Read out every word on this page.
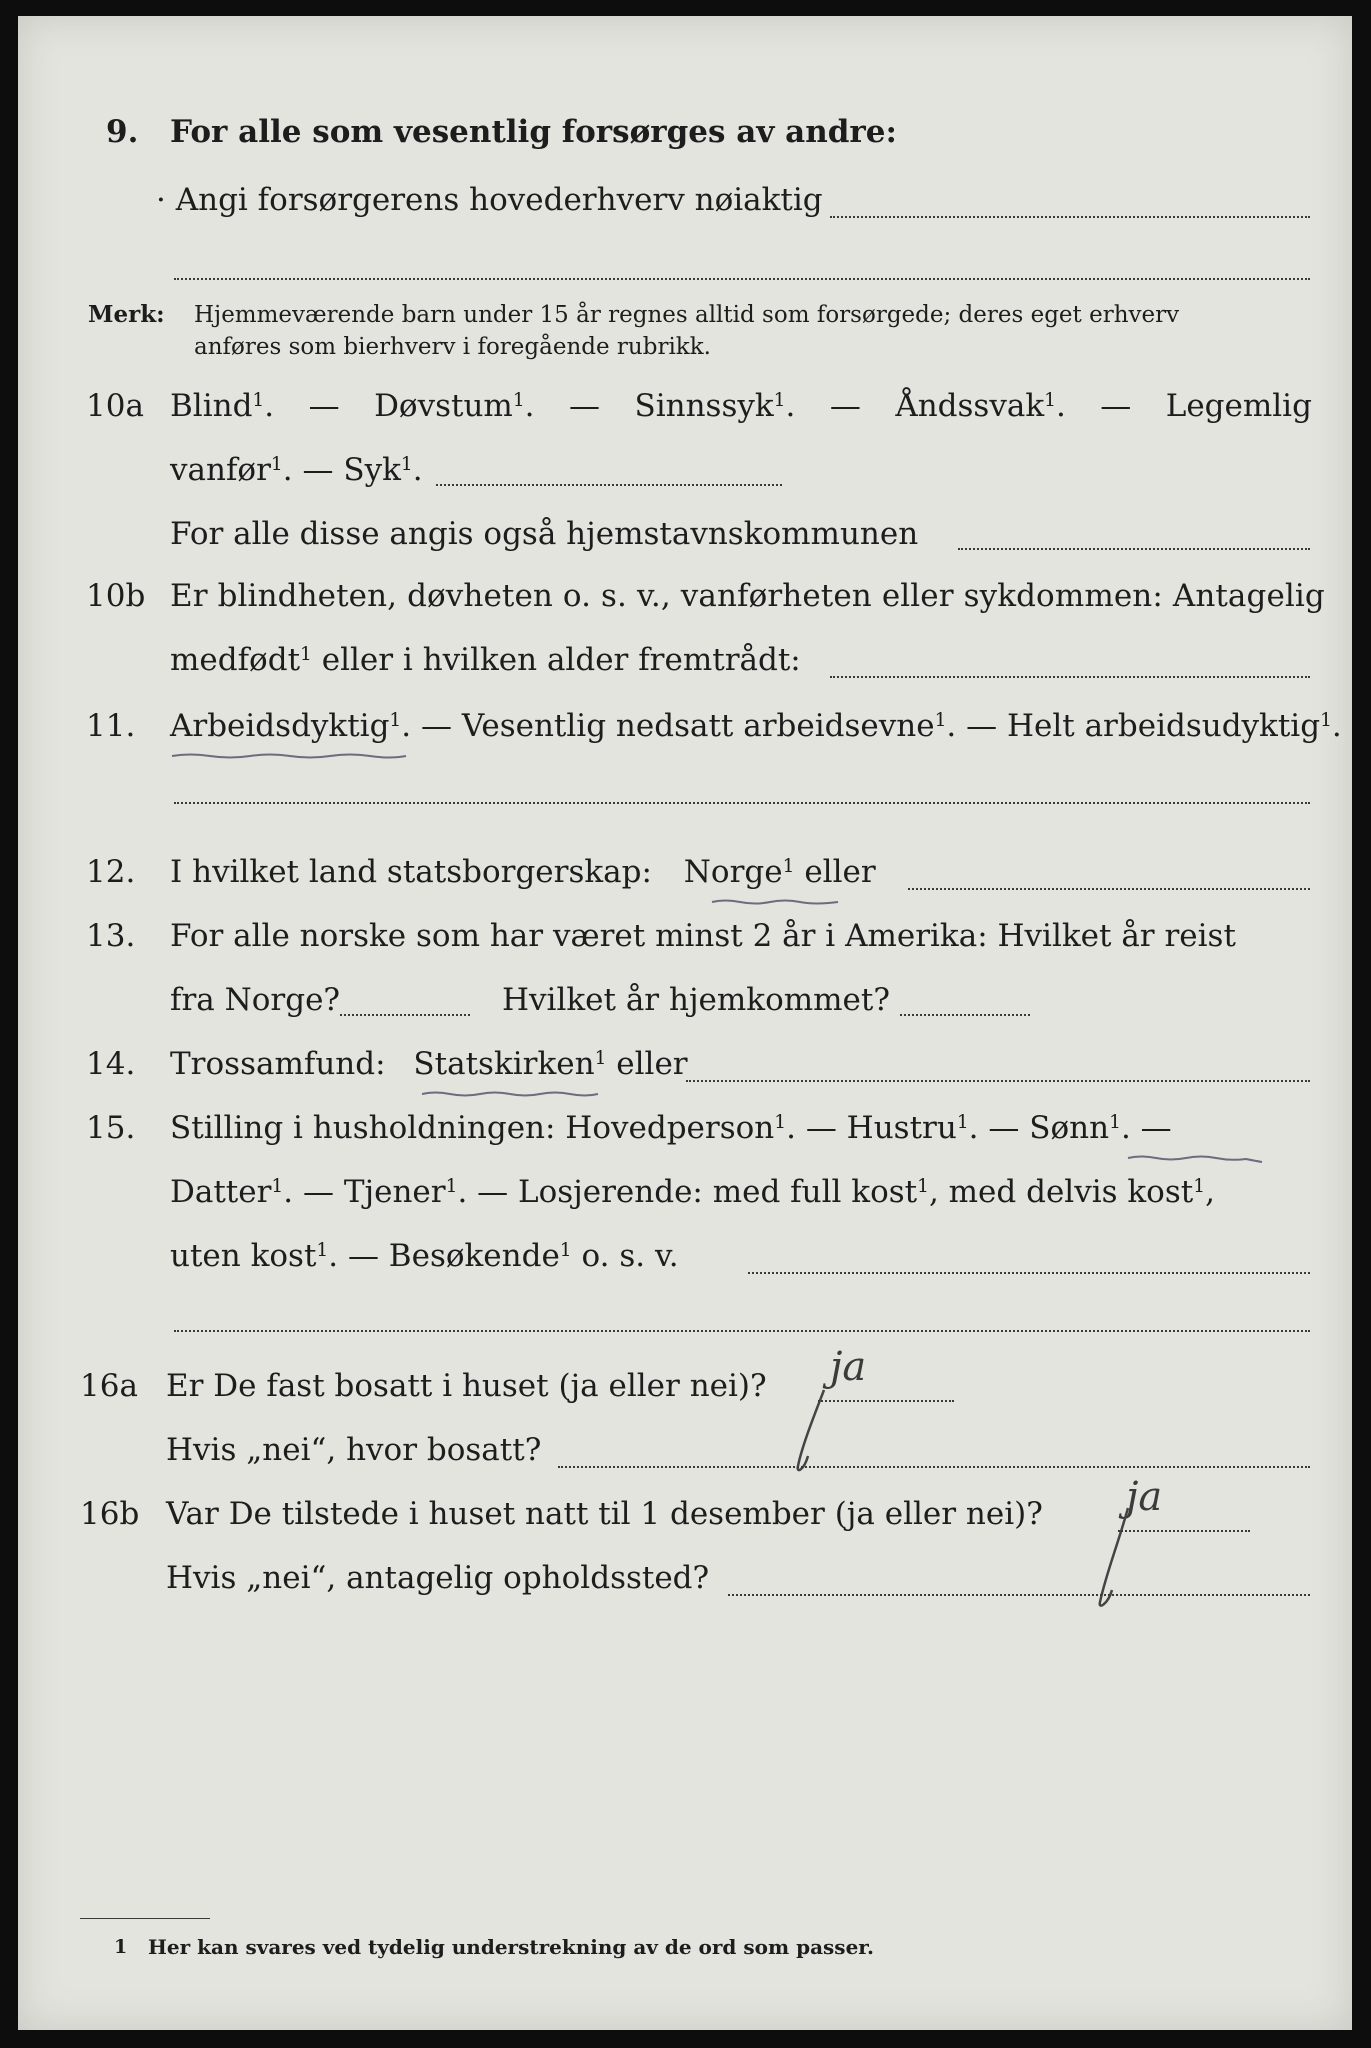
9. For alle som vesentlig forsørges av andre:
· Angi forsørgerens hovederhverv nøiaktig
Merk: Hjemmeværende barn under 15 år regnes alltid som forsørgede; deres eget erhverv
anføres som bierhverv i foregående rubrikk.
10a Blind$^1$. — Døvstum$^1$. — Sinnssyk$^1$. — Åndssvak$^1$. — Legemlig
vanfør$^1$. — Syk$^1$.
For alle disse angis også hjemstavnskommunen
10b Er blindheten, døvheten o. s. v., vanførheten eller sykdommen: Antagelig
medfødt$^1$ eller i hvilken alder fremtrådt:
11. Arbeidsdyktig$^1$. — Vesentlig nedsatt arbeidsevne$^1$. — Helt arbeidsudyktig$^1$.
12. I hvilket land statsborgerskap: Norge$^1$ eller
13. For alle norske som har været minst 2 år i Amerika: Hvilket år reist
fra Norge?	Hvilket år hjemkommet?
14. Trossamfund: Statskirken$^1$ eller
15. Stilling i husholdningen: Hovedperson$^1$. — Hustru$^1$. — Sønn$^1$. —
Datter$^1$. — Tjener$^1$. — Losjerende: med full kost$^1$, med delvis kost$^1$,
uten kost$^1$. — Besøkende$^1$ o. s. v.
16a Er De fast bosatt i huset (ja eller nei)? ja
Hvis „nei“, hvor bosatt?
16b Var De tilstede i huset natt til 1 desember (ja eller nei)? ja
Hvis „nei“, antagelig opholdssted?
1 Her kan svares ved tydelig understrekning av de ord som passer.
